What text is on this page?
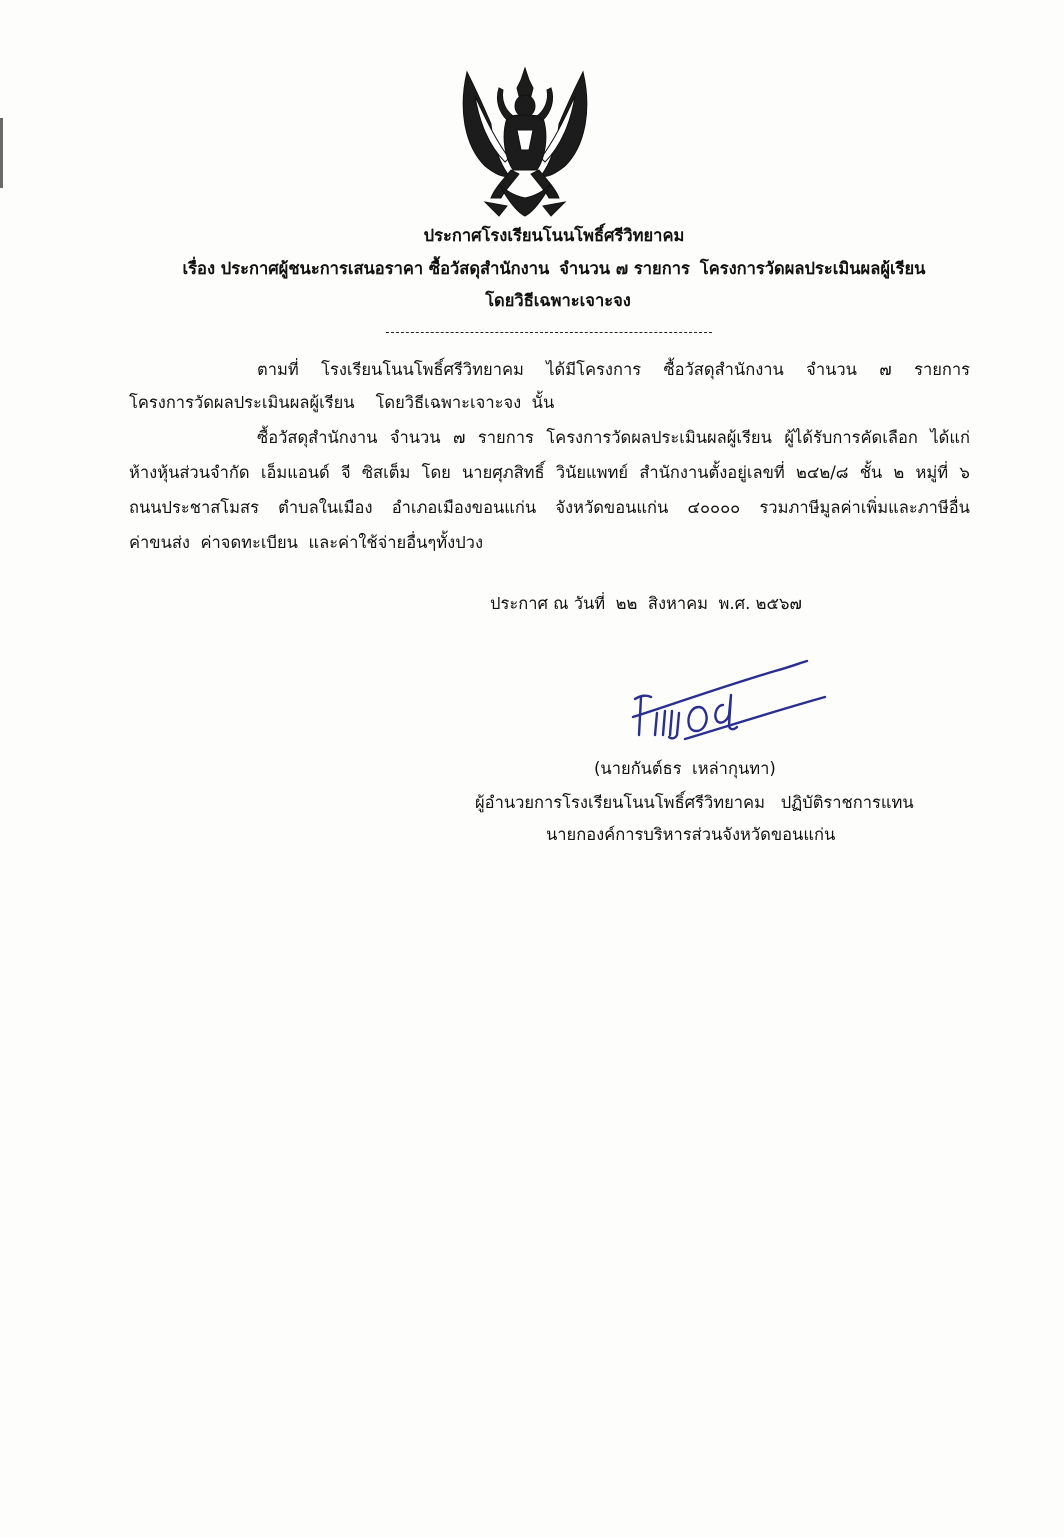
ประกาศโรงเรียนโนนโพธิ์ศรีวิทยาคม
เรื่อง ประกาศผู้ชนะการเสนอราคา ซื้อวัสดุสำนักงาน จำนวน ๗ รายการ โครงการวัดผลประเมินผลผู้เรียน
โดยวิธีเฉพาะเจาะจง
ตามที่ โรงเรียนโนนโพธิ์ศรีวิทยาคม ได้มีโครงการ ซื้อวัสดุสำนักงาน จำนวน ๗ รายการ
โครงการวัดผลประเมินผลผู้เรียน    โดยวิธีเฉพาะเจาะจง  นั้น
ซื้อวัสดุสำนักงาน จำนวน ๗ รายการ โครงการวัดผลประเมินผลผู้เรียน ผู้ได้รับการคัดเลือก ได้แก่
ห้างหุ้นส่วนจำกัด เอ็มแอนด์ จี ซิสเต็ม โดย นายศุภสิทธิ์ วินัยแพทย์ สำนักงานตั้งอยู่เลขที่ ๒๔๒/๘ ชั้น ๒ หมู่ที่ ๖
ถนนประชาสโมสร ตำบลในเมือง อำเภอเมืองขอนแก่น จังหวัดขอนแก่น ๔๐๐๐๐ รวมภาษีมูลค่าเพิ่มและภาษีอื่น
ค่าขนส่ง  ค่าจดทะเบียน  และค่าใช้จ่ายอื่นๆทั้งปวง
ประกาศ ณ วันที่  ๒๒  สิงหาคม  พ.ศ. ๒๕๖๗
(นายกันต์ธร  เหล่ากุนทา)
ผู้อำนวยการโรงเรียนโนนโพธิ์ศรีวิทยาคม   ปฏิบัติราชการแทน
นายกองค์การบริหารส่วนจังหวัดขอนแก่น
